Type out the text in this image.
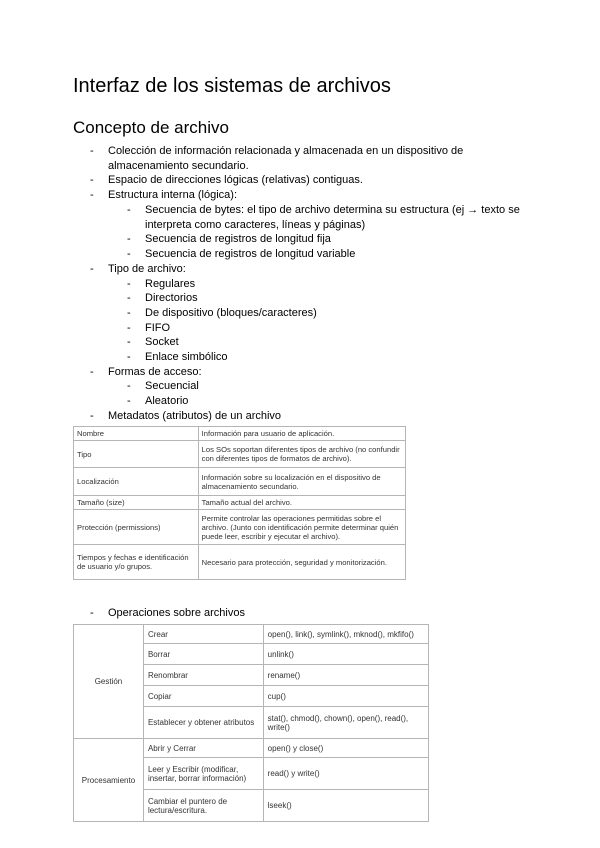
Interfaz de los sistemas de archivos
Concepto de archivo
- Colección de información relacionada y almacenada en un dispositivo de
almacenamiento secundario.
- Espacio de direcciones lógicas (relativas) contiguas.
- Estructura interna (lógica):
- Secuencia de bytes: el tipo de archivo determina su estructura (ej → texto se
interpreta como caracteres, líneas y páginas)
- Secuencia de registros de longitud fija
- Secuencia de registros de longitud variable
- Tipo de archivo:
- Regulares
- Directorios
- De dispositivo (bloques/caracteres)
- FIFO
- Socket
- Enlace simbólico
- Formas de acceso:
- Secuencial
- Aleatorio
- Metadatos (atributos) de un archivo
Nombre	Información para usuario de aplicación.
Tipo	Los SOs soportan diferentes tipos de archivo (no confundir con diferentes tipos de formatos de archivo).
Localización	Información sobre su localización en el dispositivo de almacenamiento secundario.
Tamaño (size)	Tamaño actual del archivo.
Protección (permissions)	Permite controlar las operaciones permitidas sobre el archivo. (Junto con identificación permite determinar quién puede leer, escribir y ejecutar el archivo).
Tiempos y fechas e identificación de usuario y/o grupos.	Necesario para protección, seguridad y monitorización.
- Operaciones sobre archivos
Gestión	Crear	open(), link(), symlink(), mknod(), mkfifo()
	Borrar	unlink()
	Renombrar	rename()
	Copiar	cup()
	Establecer y obtener atributos	stat(), chmod(), chown(), open(), read(), write()
Procesamiento	Abrir y Cerrar	open() y close()
	Leer y Escribir (modificar, insertar, borrar información)	read() y write()
	Cambiar el puntero de lectura/escritura.	lseek()
